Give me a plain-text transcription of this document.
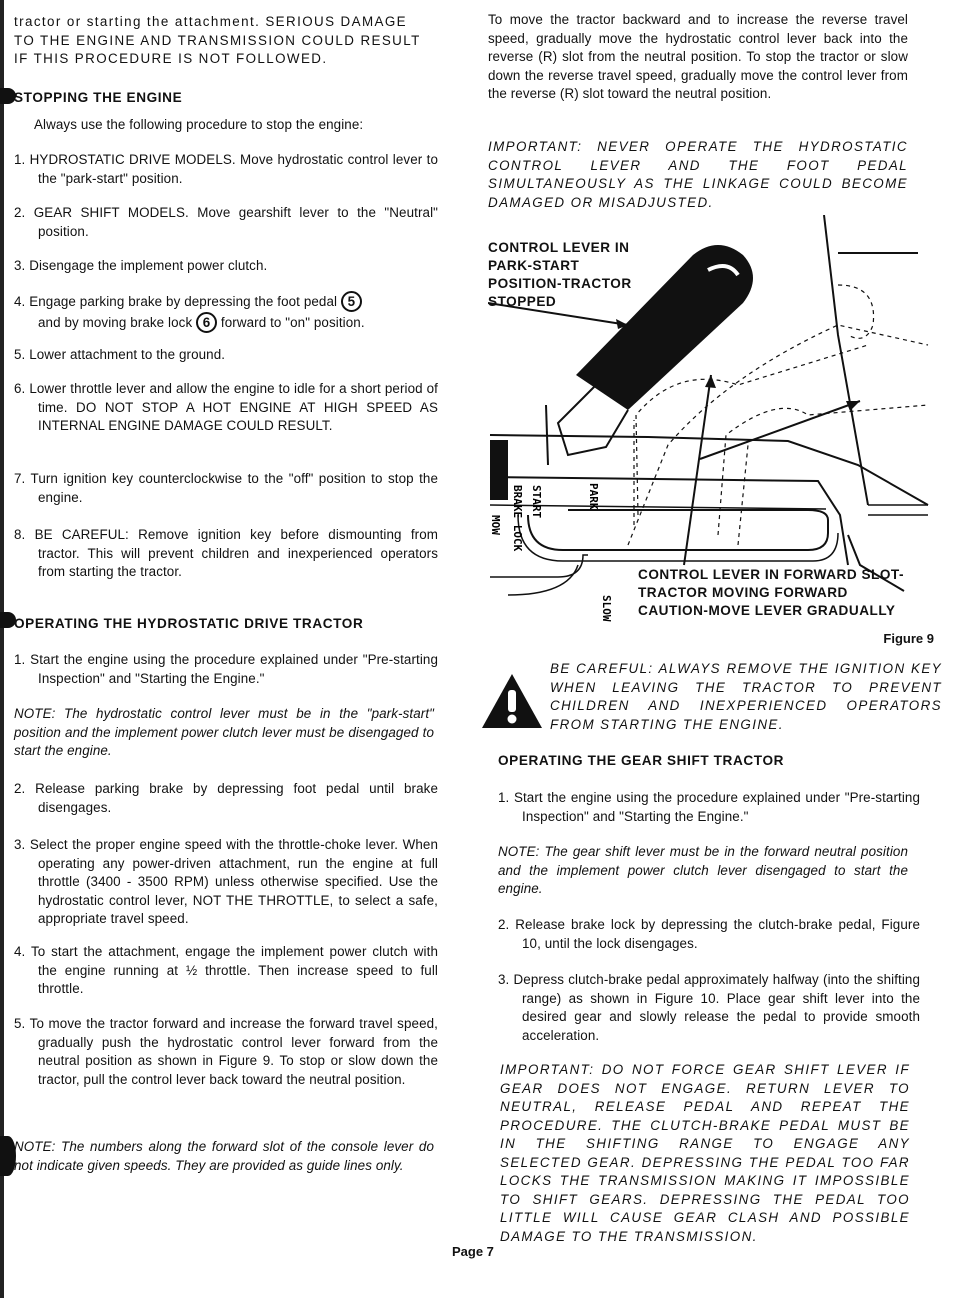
tractor or starting the attachment. SERIOUS DAMAGE TO THE ENGINE AND TRANSMISSION COULD RESULT IF THIS PROCEDURE IS NOT FOLLOWED.

STOPPING THE ENGINE

Always use the following procedure to stop the engine:

1. HYDROSTATIC DRIVE MODELS. Move hydrostatic control lever to the "park-start" position.

2. GEAR SHIFT MODELS. Move gearshift lever to the "Neutral" position.

3. Disengage the implement power clutch.

4. Engage parking brake by depressing the foot pedal 5
and by moving brake lock 6 forward to "on" position.

5. Lower attachment to the ground.

6. Lower throttle lever and allow the engine to idle for a short period of time. DO NOT STOP A HOT ENGINE AT HIGH SPEED AS INTERNAL ENGINE DAMAGE COULD RESULT.

7. Turn ignition key counterclockwise to the "off" position to stop the engine.

8. BE CAREFUL: Remove ignition key before dismounting from tractor. This will prevent children and inexperienced operators from starting the tractor.

OPERATING THE HYDROSTATIC DRIVE TRACTOR

1. Start the engine using the procedure explained under "Pre-starting Inspection" and "Starting the Engine."

NOTE: The hydrostatic control lever must be in the "park-start" position and the implement power clutch lever must be disengaged to start the engine.

2. Release parking brake by depressing foot pedal until brake disengages.

3. Select the proper engine speed with the throttle-choke lever. When operating any power-driven attachment, run the engine at full throttle (3400 - 3500 RPM) unless otherwise specified. Use the hydrostatic control lever, NOT THE THROTTLE, to select a safe, appropriate travel speed.

4. To start the attachment, engage the implement power clutch with the engine running at ½ throttle. Then increase speed to full throttle.

5. To move the tractor forward and increase the forward travel speed, gradually push the hydrostatic control lever forward from the neutral position as shown in Figure 9. To stop or slow down the tractor, pull the control lever back toward the neutral position.

NOTE: The numbers along the forward slot of the console lever do not indicate given speeds. They are provided as guide lines only.

To move the tractor backward and to increase the reverse travel speed, gradually move the hydrostatic control lever back into the reverse (R) slot from the neutral position. To stop the tractor or slow down the reverse travel speed, gradually move the control lever from the reverse (R) slot toward the neutral position.

IMPORTANT: NEVER OPERATE THE HYDROSTATIC CONTROL LEVER AND THE FOOT PEDAL SIMULTANEOUSLY AS THE LINKAGE COULD BECOME DAMAGED OR MISADJUSTED.

BRAKE LOCK START	PARK
MOW
SLOW

CONTROL LEVER IN
PARK-START
POSITION-TRACTOR
STOPPED

CONTROL LEVER IN FORWARD SLOT-
TRACTOR MOVING FORWARD
CAUTION-MOVE LEVER GRADUALLY

Figure 9

BE CAREFUL: ALWAYS REMOVE THE IGNITION KEY WHEN LEAVING THE TRACTOR TO PREVENT CHILDREN AND INEXPERIENCED OPERATORS FROM STARTING THE ENGINE.

OPERATING THE GEAR SHIFT TRACTOR

1. Start the engine using the procedure explained under "Pre-starting Inspection" and "Starting the Engine."

NOTE: The gear shift lever must be in the forward neutral position and the implement power clutch lever disengaged to start the engine.

2. Release brake lock by depressing the clutch-brake pedal, Figure 10, until the lock disengages.

3. Depress clutch-brake pedal approximately halfway (into the shifting range) as shown in Figure 10. Place gear shift lever into the desired gear and slowly release the pedal to provide smooth acceleration.

IMPORTANT: DO NOT FORCE GEAR SHIFT LEVER IF GEAR DOES NOT ENGAGE. RETURN LEVER TO NEUTRAL, RELEASE PEDAL AND REPEAT THE PROCEDURE. THE CLUTCH-BRAKE PEDAL MUST BE IN THE SHIFTING RANGE TO ENGAGE ANY SELECTED GEAR. DEPRESSING THE PEDAL TOO FAR LOCKS THE TRANSMISSION MAKING IT IMPOSSIBLE TO SHIFT GEARS. DEPRESSING THE PEDAL TOO LITTLE WILL CAUSE GEAR CLASH AND POSSIBLE DAMAGE TO THE TRANSMISSION.

Page 7
